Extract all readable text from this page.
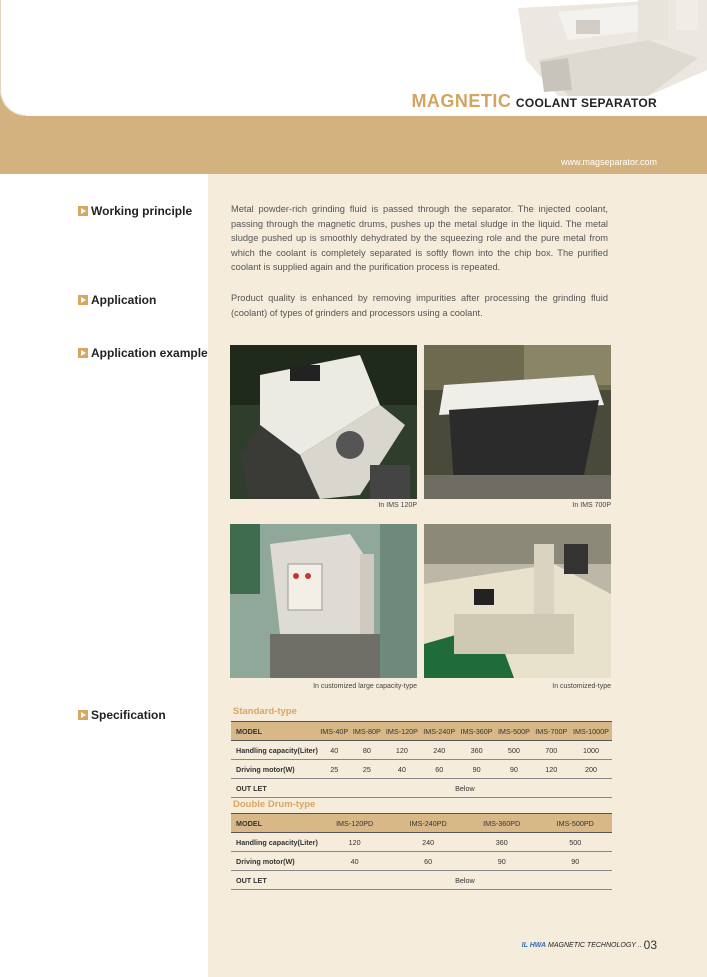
MAGNETIC COOLANT SEPARATOR
www.magseparator.com
Working principle	Metal powder-rich grinding fluid is passed through the separator. The injected coolant, passing through the magnetic drums, pushes up the metal sludge in the liquid. The metal sludge pushed up is smoothly dehydrated by the squeezing role and the pure metal from which the coolant is completely separated is softly flown into the chip box. The purified coolant is supplied again and the purification process is repeated.
Application	Product quality is enhanced by removing impurities after processing the grinding fluid (coolant) of types of grinders and processors using a coolant.
Application example
In IMS 120P	In IMS 700P
In customized large capacity-type	In customized-type
Specification	Standard-type
MODEL	IMS-40P	IMS-80P	IMS-120P	IMS-240P	IMS-360P	IMS-500P	IMS-700P	IMS-1000P
Handling capacity(Liter)	40	80	120	240	360	500	700	1000
Driving motor(W)	25	25	40	60	90	90	120	200
OUT LET	Below							
Double Drum-type
MODEL	IMS-120PD	IMS-240PD	IMS-360PD	IMS-500PD
Handling capacity(Liter)	120	240	360	500
Driving motor(W)	40	60	90	90
OUT LET	Below			
IL HWA MAGNETIC TECHNOLOGY .. 03
